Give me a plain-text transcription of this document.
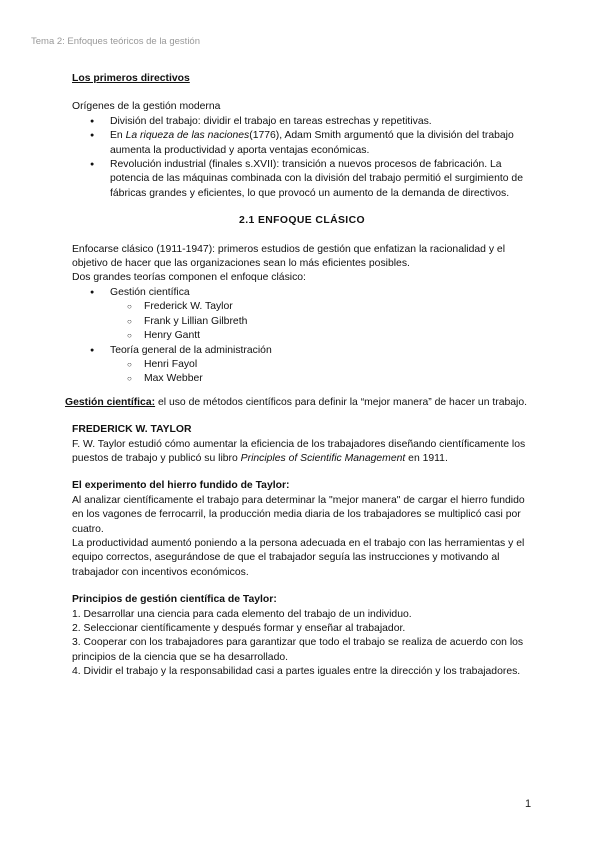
Tema 2: Enfoques teóricos de la gestión

Los primeros directivos

Orígenes de la gestión moderna

● División del trabajo: dividir el trabajo en tareas estrechas y repetitivas.
● En La riqueza de las naciones(1776), Adam Smith argumentó que la división del trabajo aumenta la productividad y aporta ventajas económicas.
● Revolución industrial (finales s.XVII): transición a nuevos procesos de fabricación. La potencia de las máquinas combinada con la división del trabajo permitió el surgimiento de fábricas grandes y eficientes, lo que provocó un aumento de la demanda de directivos.

2.1 ENFOQUE CLÁSICO

Enfocarse clásico (1911-1947): primeros estudios de gestión que enfatizan la racionalidad y el objetivo de hacer que las organizaciones sean lo más eficientes posibles.

Dos grandes teorías componen el enfoque clásico:

● Gestión científica
○ Frederick W. Taylor
○ Frank y Lillian Gilbreth
○ Henry Gantt
● Teoría general de la administración
○ Henri Fayol
○ Max Webber

Gestión científica: el uso de métodos científicos para definir la “mejor manera” de hacer un trabajo.

FREDERICK W. TAYLOR

F. W. Taylor estudió cómo aumentar la eficiencia de los trabajadores diseñando científicamente los puestos de trabajo y publicó su libro Principles of Scientific Management en 1911.

El experimento del hierro fundido de Taylor:

Al analizar científicamente el trabajo para determinar la "mejor manera" de cargar el hierro fundido en los vagones de ferrocarril, la producción media diaria de los trabajadores se multiplicó casi por cuatro.

La productividad aumentó poniendo a la persona adecuada en el trabajo con las herramientas y el equipo correctos, asegurándose de que el trabajador seguía las instrucciones y motivando al trabajador con incentivos económicos.

Principios de gestión científica de Taylor:

1. Desarrollar una ciencia para cada elemento del trabajo de un individuo.

2. Seleccionar científicamente y después formar y enseñar al trabajador.

3. Cooperar con los trabajadores para garantizar que todo el trabajo se realiza de acuerdo con los principios de la ciencia que se ha desarrollado.

4. Dividir el trabajo y la responsabilidad casi a partes iguales entre la dirección y los trabajadores.

1
